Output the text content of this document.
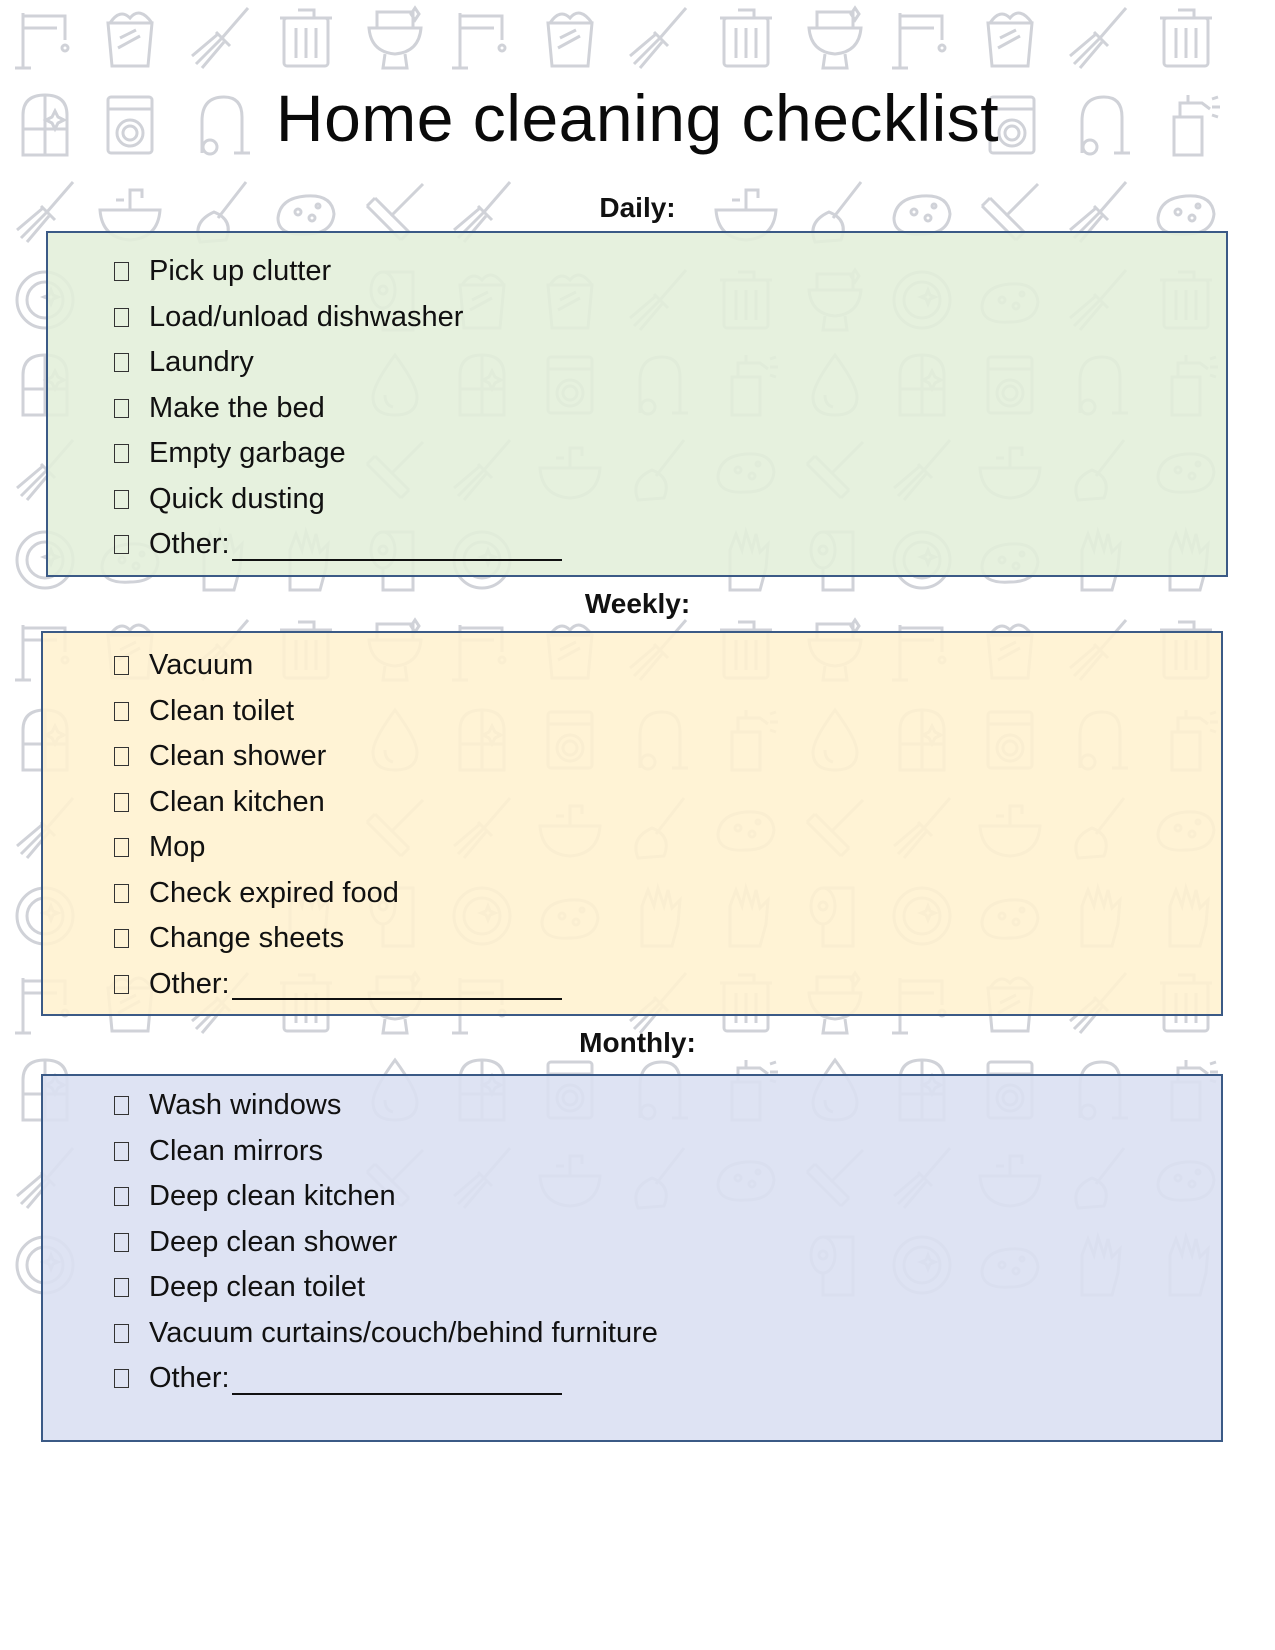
Home cleaning checklist
Daily:
Pick up clutter
Load/unload dishwasher
Laundry
Make the bed
Empty garbage
Quick dusting
Other:
Weekly:
Vacuum
Clean toilet
Clean shower
Clean kitchen
Mop
Check expired food
Change sheets
Other:
Monthly:
Wash windows
Clean mirrors
Deep clean kitchen
Deep clean shower
Deep clean toilet
Vacuum curtains/couch/behind furniture
Other:
